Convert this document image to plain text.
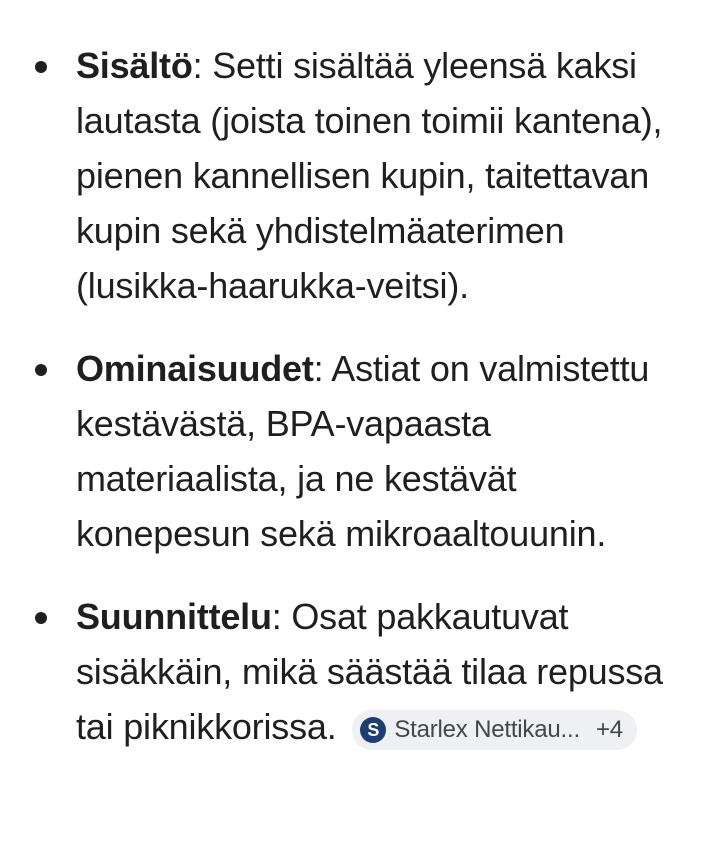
Sisältö: Setti sisältää yleensä kaksi lautasta (joista toinen toimii kantena), pienen kannellisen kupin, taitettavan kupin sekä yhdistelmäaterimen (lusikka-haarukka-veitsi).
Ominaisuudet: Astiat on valmistettu kestävästä, BPA-vapaasta materiaalista, ja ne kestävät konepesun sekä mikroaaltouunin.
Suunnittelu: Osat pakkautuvat sisäkkäin, mikä säästää tilaa repussa tai piknikkorissa.	S Starlex Nettikau... +4
